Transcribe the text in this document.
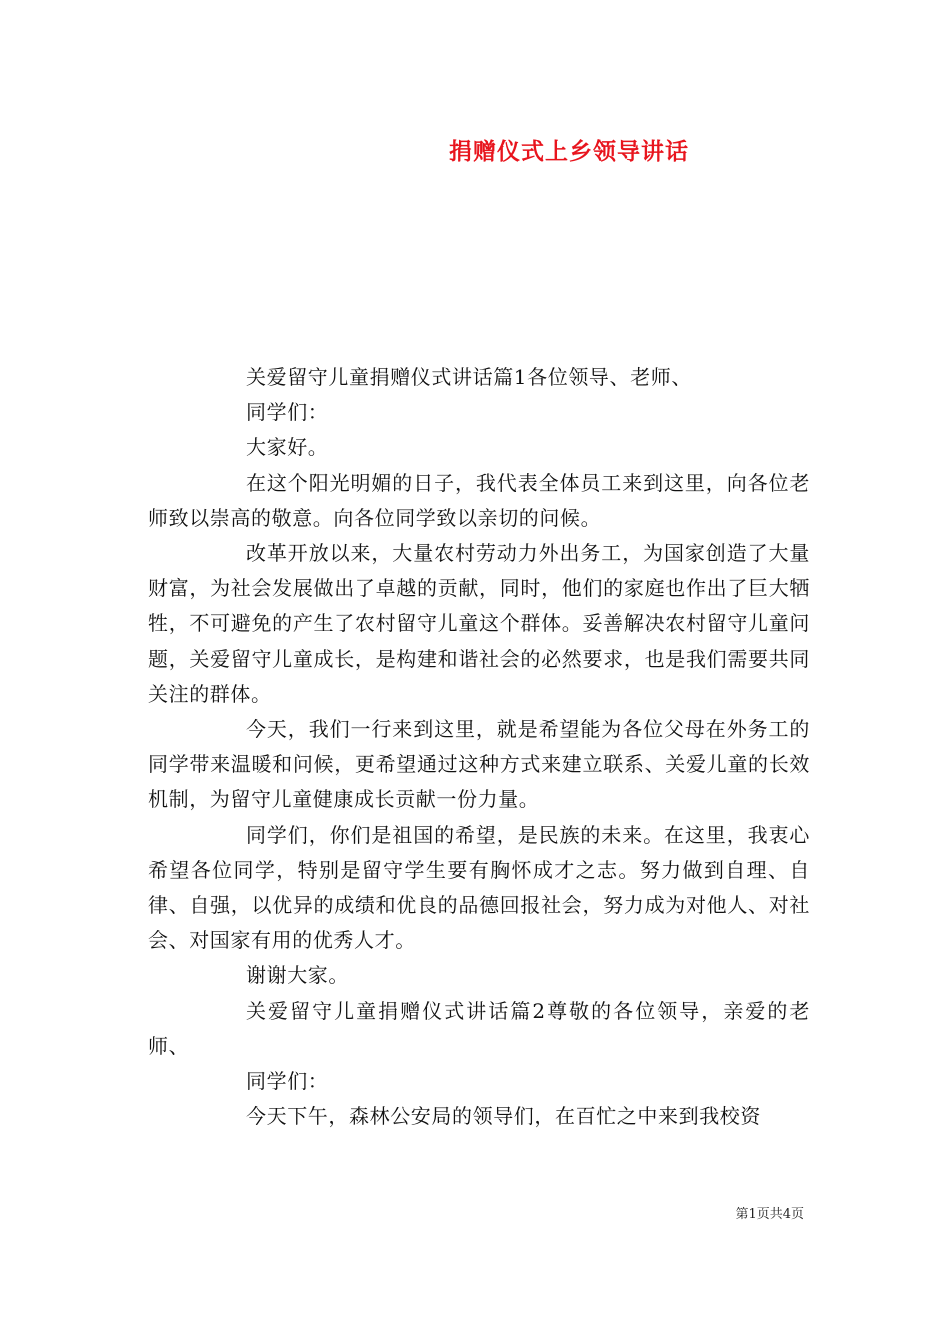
捐赠仪式上乡领导讲话

关爱留守儿童捐赠仪式讲话篇1各位领导、老师、

同学们：

大家好。

在这个阳光明媚的日子，我代表全体员工来到这里，向各位老师致以崇高的敬意。向各位同学致以亲切的问候。

改革开放以来，大量农村劳动力外出务工，为国家创造了大量财富，为社会发展做出了卓越的贡献，同时，他们的家庭也作出了巨大牺牲，不可避免的产生了农村留守儿童这个群体。妥善解决农村留守儿童问题，关爱留守儿童成长，是构建和谐社会的必然要求，也是我们需要共同关注的群体。

今天，我们一行来到这里，就是希望能为各位父母在外务工的同学带来温暖和问候，更希望通过这种方式来建立联系、关爱儿童的长效机制，为留守儿童健康成长贡献一份力量。

同学们，你们是祖国的希望，是民族的未来。在这里，我衷心希望各位同学，特别是留守学生要有胸怀成才之志。努力做到自理、自律、自强，以优异的成绩和优良的品德回报社会，努力成为对他人、对社会、对国家有用的优秀人才。

谢谢大家。

关爱留守儿童捐赠仪式讲话篇2尊敬的各位领导，亲爱的老师、

同学们：

今天下午，森林公安局的领导们，在百忙之中来到我校资

第1页共4页
